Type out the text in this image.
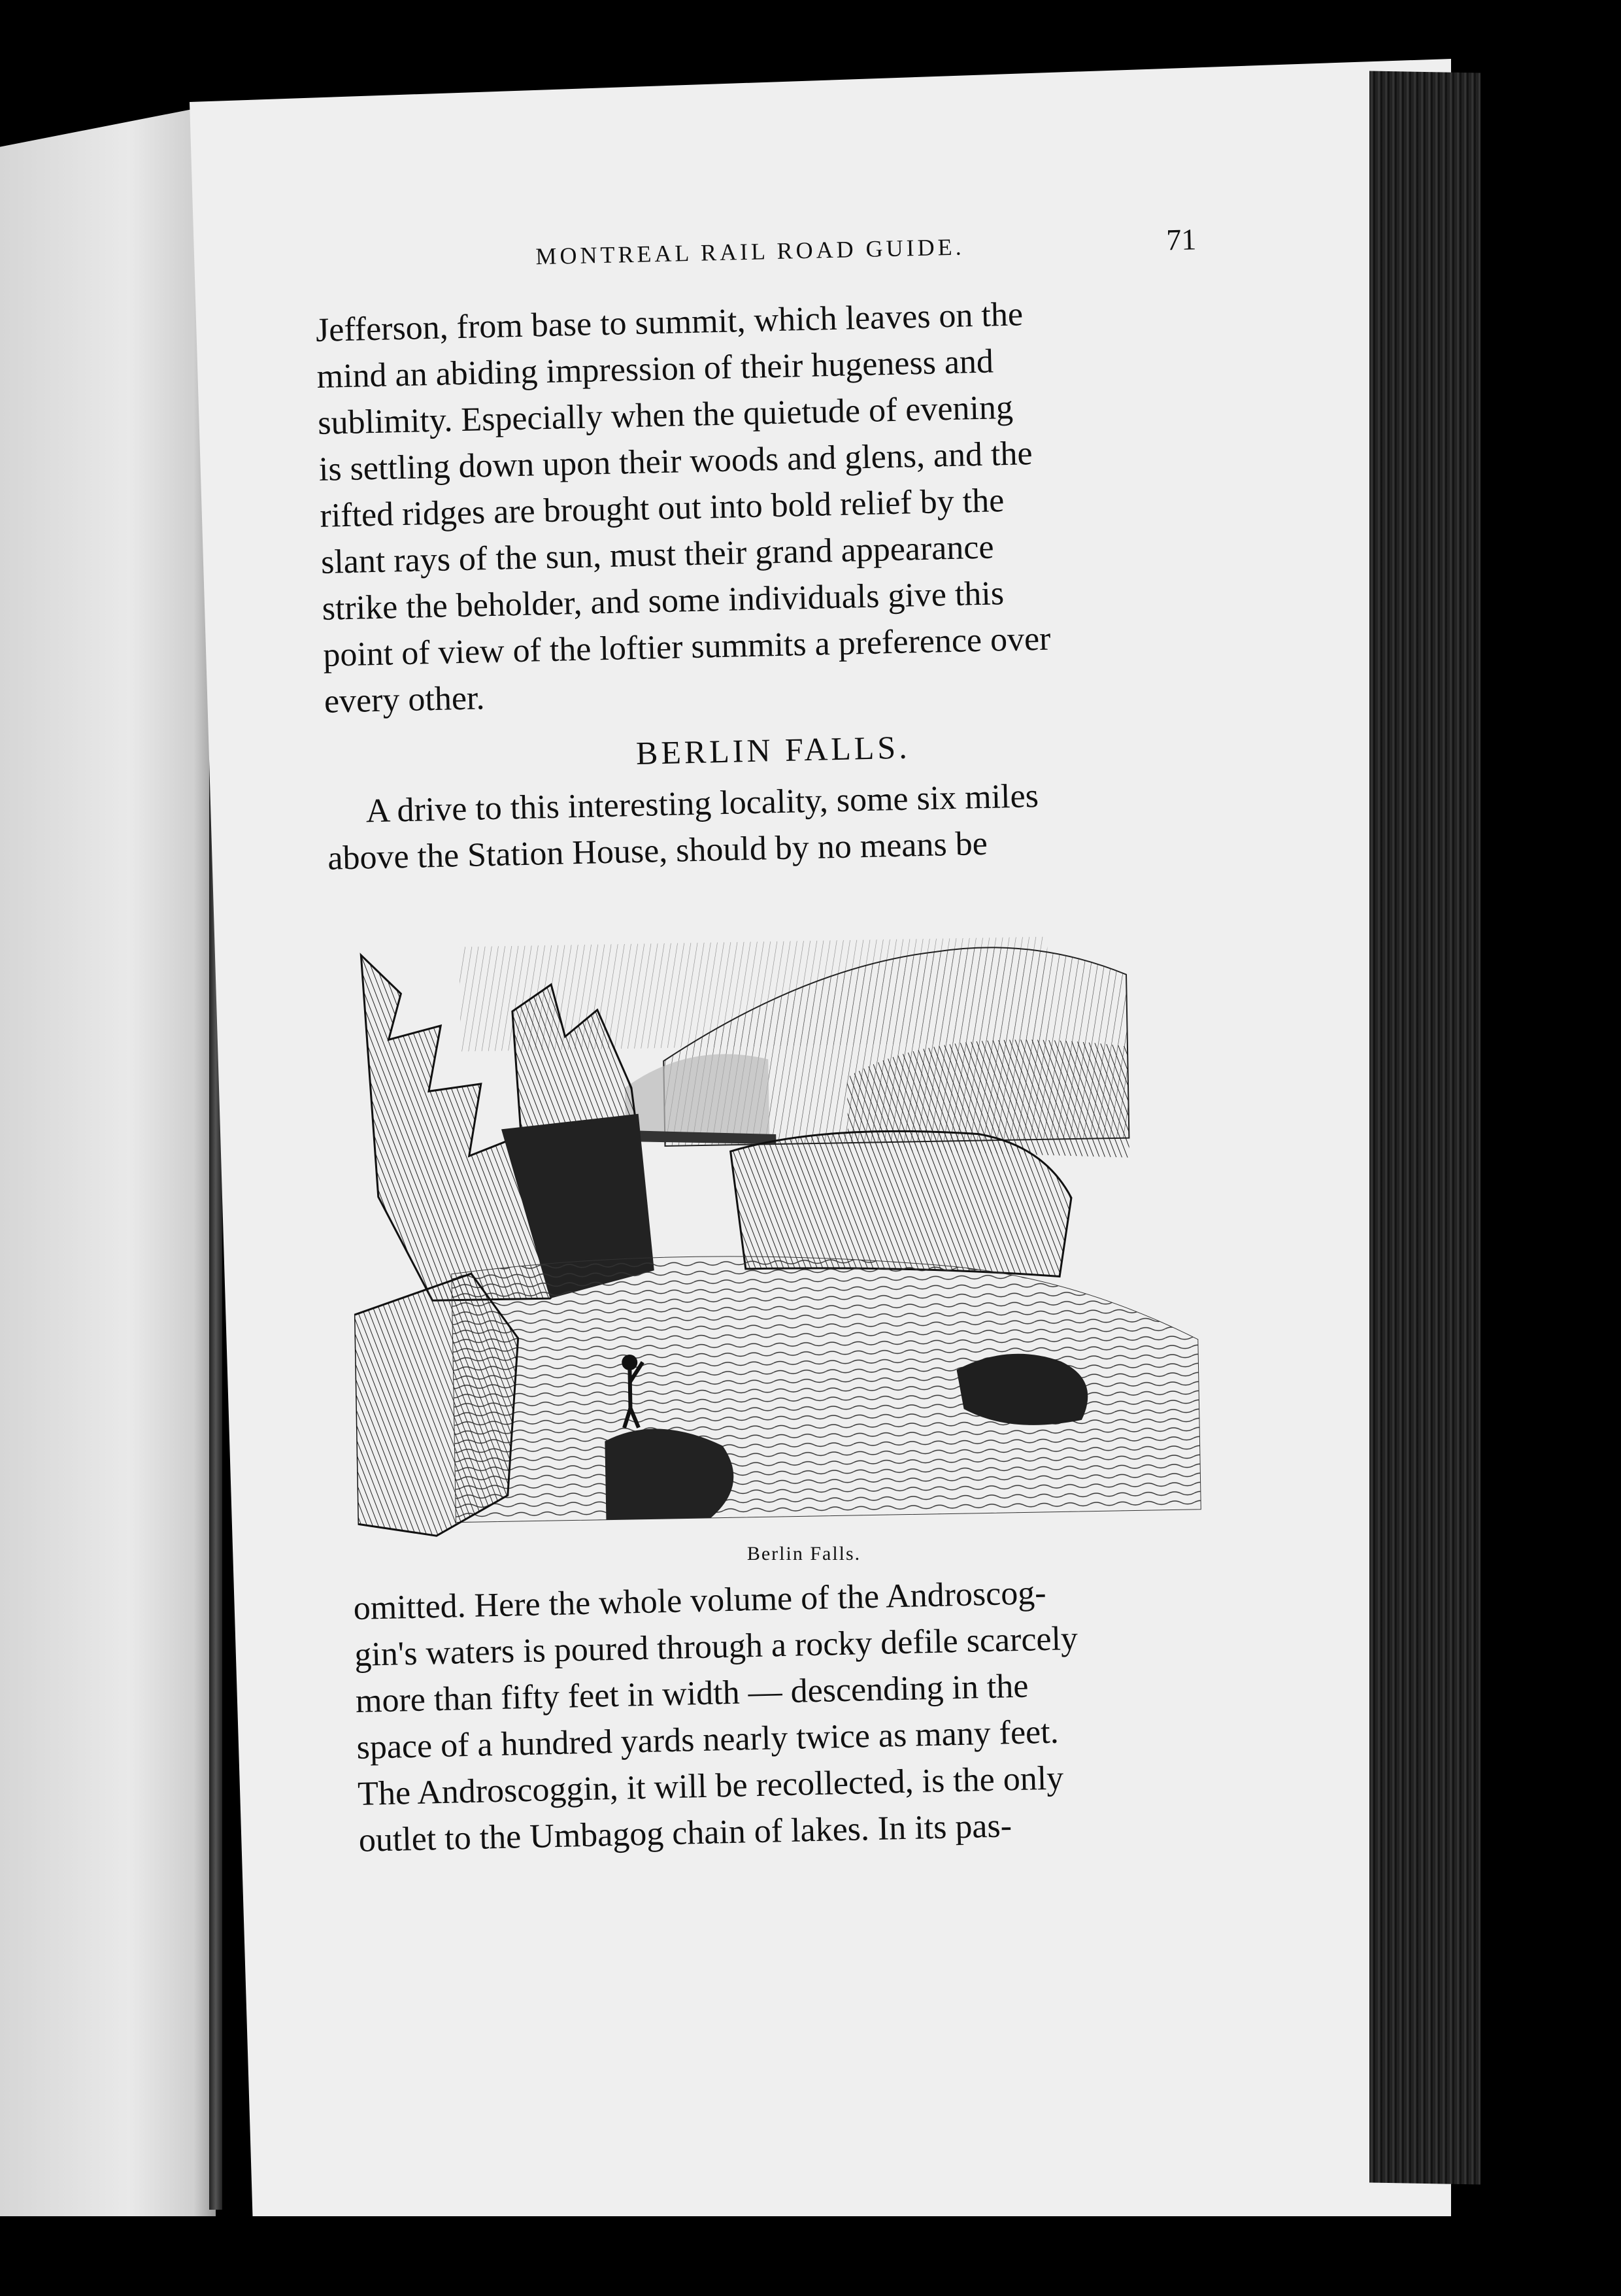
MONTREAL RAIL ROAD GUIDE.	71

Jefferson, from base to summit, which leaves on the
mind an abiding impression of their hugeness and
sublimity. Especially when the quietude of evening
is settling down upon their woods and glens, and the
rifted ridges are brought out into bold relief by the
slant rays of the sun, must their grand appearance
strike the beholder, and some individuals give this
point of view of the loftier summits a preference over
every other.

BERLIN FALLS.

A drive to this interesting locality, some six miles
above the Station House, should by no means be

Berlin Falls.

omitted. Here the whole volume of the Androscog-
gin's waters is poured through a rocky defile scarcely
more than fifty feet in width — descending in the
space of a hundred yards nearly twice as many feet.
The Androscoggin, it will be recollected, is the only
outlet to the Umbagog chain of lakes. In its pas-
